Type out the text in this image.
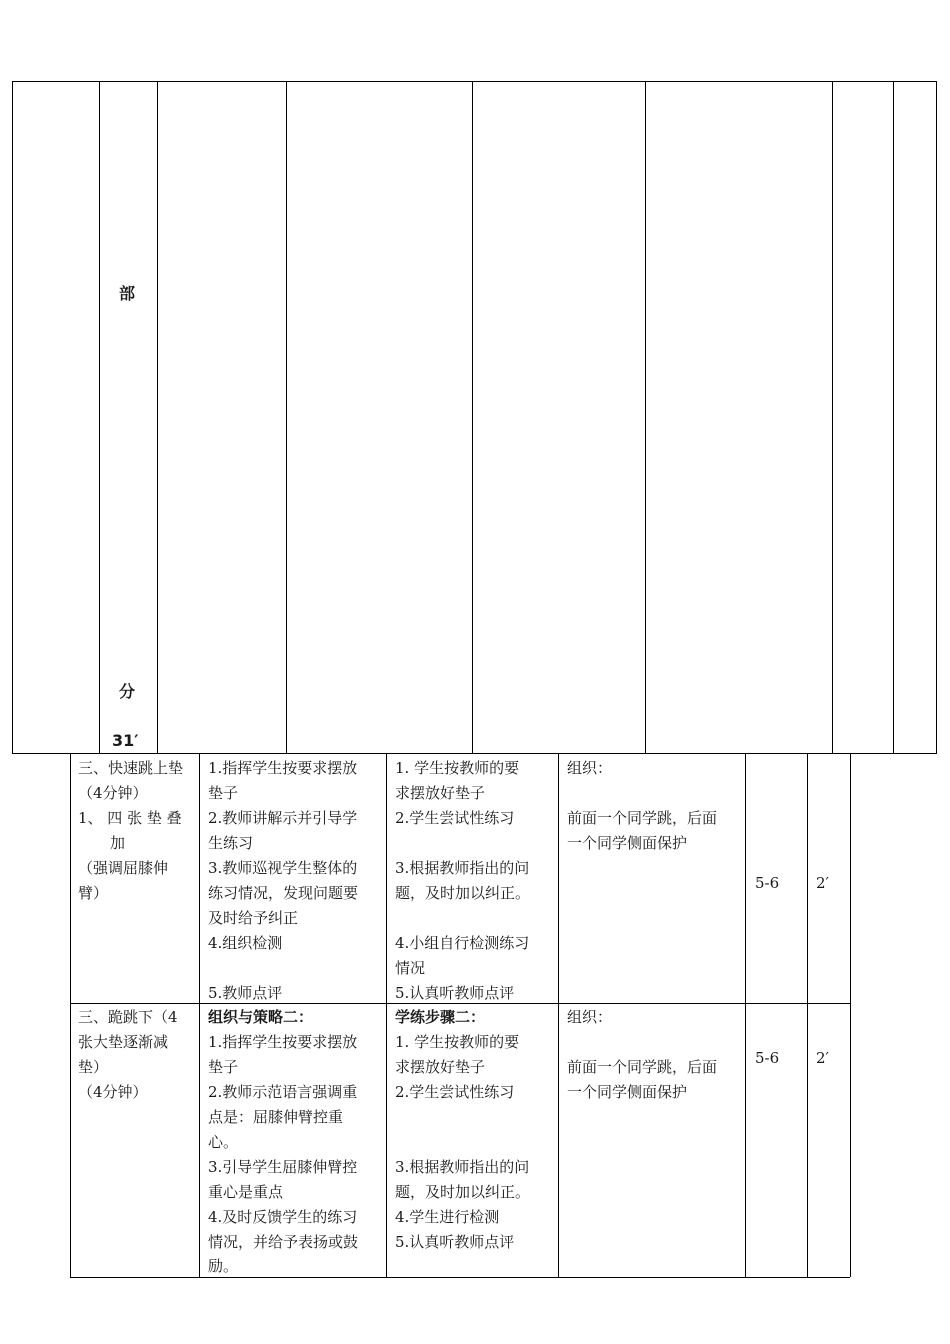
部
分
31′
三、快速跳上垫
（4分钟）
1、 四 张 垫 叠
加
（强调屈膝伸
臂）
1.指挥学生按要求摆放
垫子
2.教师讲解示并引导学
生练习
3.教师巡视学生整体的
练习情况，发现问题要
及时给予纠正
4.组织检测
5.教师点评
1. 学生按教师的要
求摆放好垫子
2.学生尝试性练习
3.根据教师指出的问
题，及时加以纠正。
4.小组自行检测练习
情况
5.认真听教师点评
组织：
前面一个同学跳，后面
一个同学侧面保护
5-6 2′
三、跪跳下（4
张大垫逐渐减
垫）
（4分钟）
组织与策略二：
1.指挥学生按要求摆放
垫子
2.教师示范语言强调重
点是：屈膝伸臂控重
心。
3.引导学生屈膝伸臂控
重心是重点
4.及时反馈学生的练习
情况，并给予表扬或鼓
励。
学练步骤二：
1. 学生按教师的要
求摆放好垫子
2.学生尝试性练习
3.根据教师指出的问
题，及时加以纠正。
4.学生进行检测
5.认真听教师点评
组织：
前面一个同学跳，后面
一个同学侧面保护
5-6 2′
